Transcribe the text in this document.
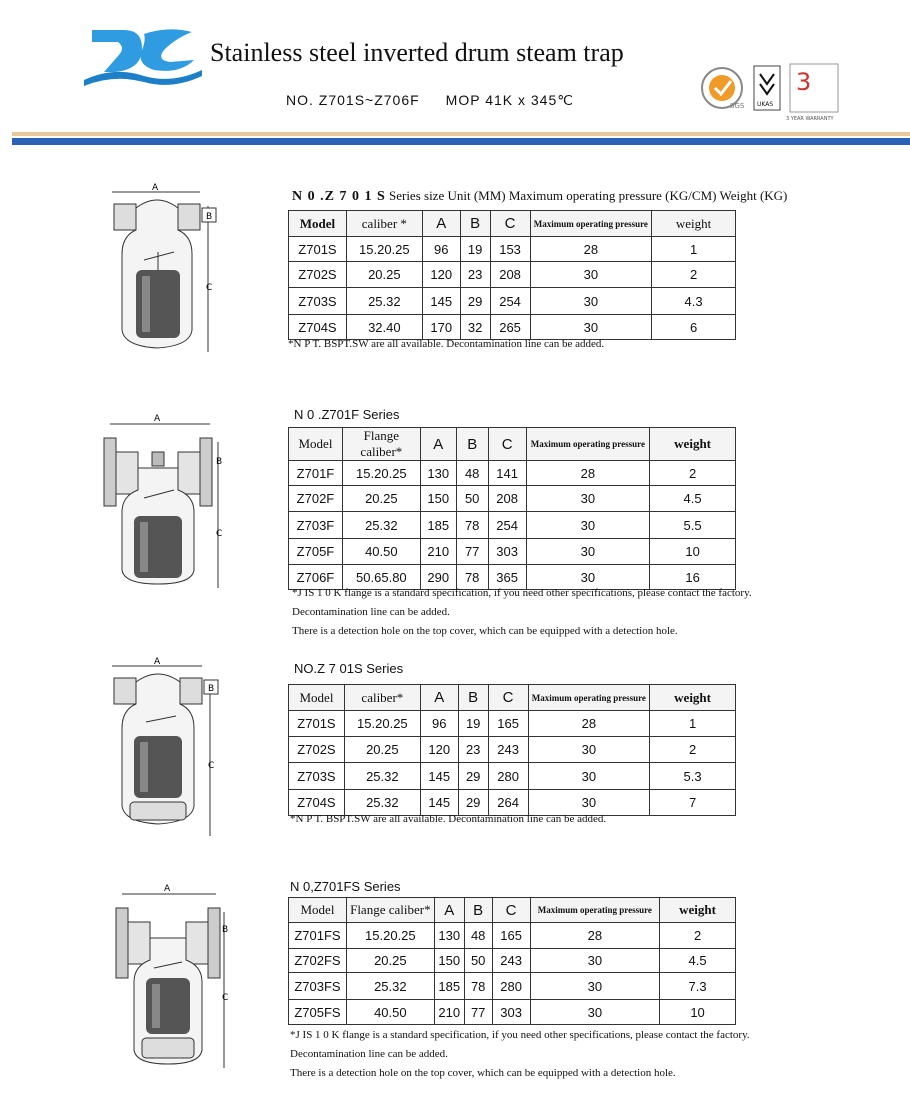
Stainless steel inverted drum steam trap
NO. Z701S~Z706F MOP 41K x 345℃	SGS UKAS
3
3 YEAR WARRANTY
A
C
B
N 0 .Z 7 0 1 S Series size Unit (MM) Maximum operating pressure (KG/CM) Weight (KG)
Model	caliber *	A	B	C	Maximum operating pressure	weight
Z701S	15.20.25	96	19	153	28	1
Z702S	20.25	120	23	208	30	2
Z703S	25.32	145	29	254	30	4.3
Z704S	32.40	170	32	265	30	6
*N P T. BSPT.SW are all available. Decontamination line can be added.
A
B
C
N 0 .Z701F Series
Model	Flange caliber*	A	B	C	Maximum operating pressure	weight
Z701F	15.20.25	130	48	141	28	2
Z702F	20.25	150	50	208	30	4.5
Z703F	25.32	185	78	254	30	5.5
Z705F	40.50	210	77	303	30	10
Z706F	50.65.80	290	78	365	30	16
*J IS 1 0 K flange is a standard specification, if you need other specifications, please contact the factory.
Decontamination line can be added.
There is a detection hole on the top cover, which can be equipped with a detection hole.
A
B
C
NO.Z 7 01S Series
Model	caliber*	A	B	C	Maximum operating pressure	weight
Z701S	15.20.25	96	19	165	28	1
Z702S	20.25	120	23	243	30	2
Z703S	25.32	145	29	280	30	5.3
Z704S	25.32	145	29	264	30	7
*N P T. BSPT.SW are all available. Decontamination line can be added.
A
B
C
N 0,Z701FS Series
Model	Flange caliber*	A	B	C	Maximum operating pressure	weight
Z701FS	15.20.25	130	48	165	28	2
Z702FS	20.25	150	50	243	30	4.5
Z703FS	25.32	185	78	280	30	7.3
Z705FS	40.50	210	77	303	30	10
*J IS 1 0 K flange is a standard specification, if you need other specifications, please contact the factory.
Decontamination line can be added.
There is a detection hole on the top cover, which can be equipped with a detection hole.
